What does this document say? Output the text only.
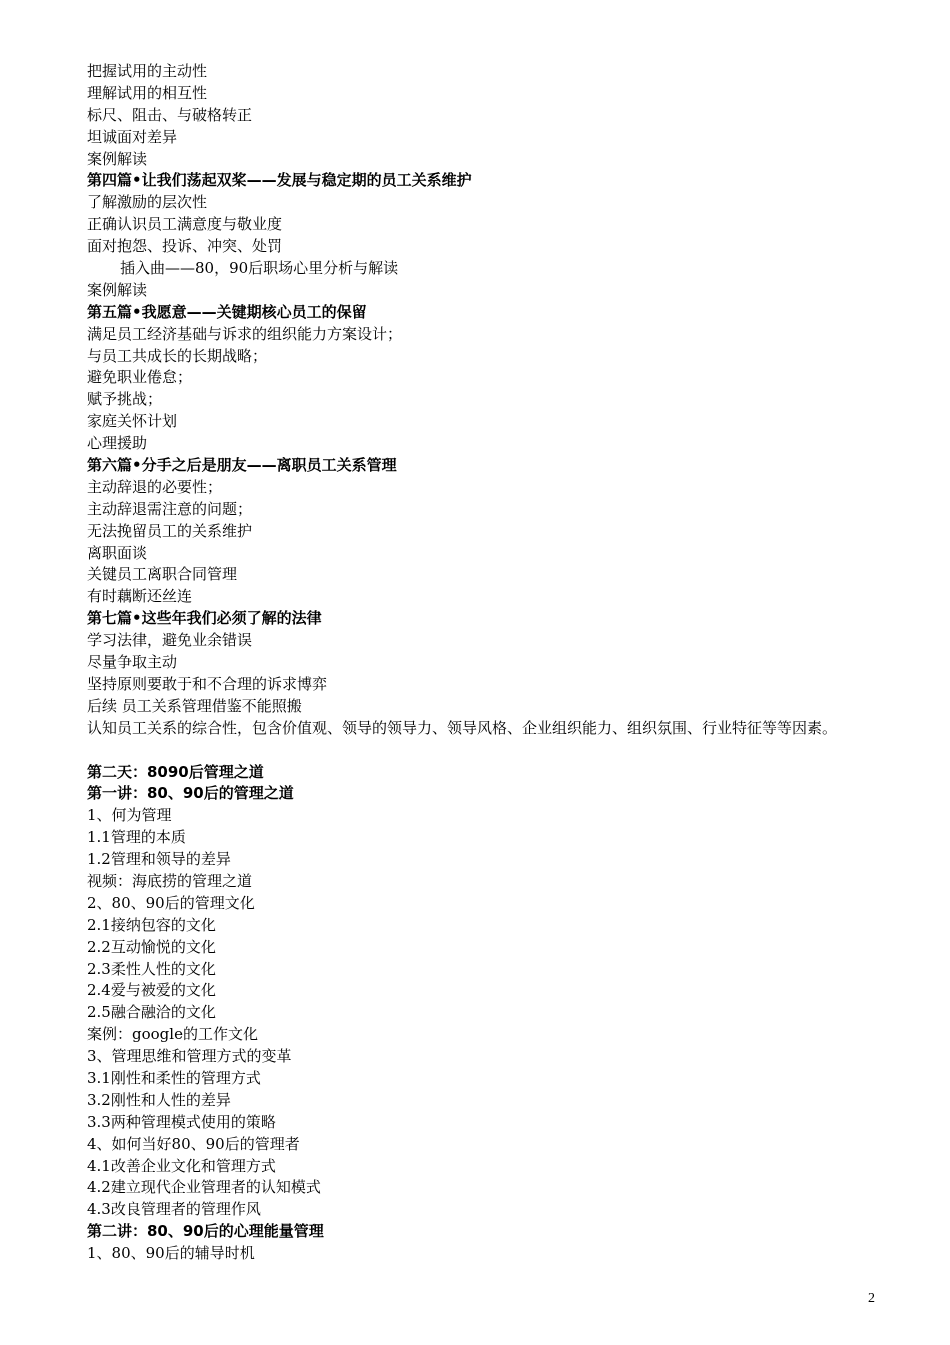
把握试用的主动性
理解试用的相互性
标尺、阻击、与破格转正
坦诚面对差异
案例解读
第四篇•让我们荡起双桨——发展与稳定期的员工关系维护
了解激励的层次性
正确认识员工满意度与敬业度
面对抱怨、投诉、冲突、处罚
插入曲——80，90后职场心里分析与解读
案例解读
第五篇•我愿意——关键期核心员工的保留
满足员工经济基础与诉求的组织能力方案设计；
与员工共成长的长期战略；
避免职业倦怠；
赋予挑战；
家庭关怀计划
心理援助
第六篇•分手之后是朋友——离职员工关系管理
主动辞退的必要性；
主动辞退需注意的问题；
无法挽留员工的关系维护
离职面谈
关键员工离职合同管理
有时藕断还丝连
第七篇•这些年我们必须了解的法律
学习法律，避免业余错误
尽量争取主动
坚持原则要敢于和不合理的诉求博弈
后续 员工关系管理借鉴不能照搬
认知员工关系的综合性，包含价值观、领导的领导力、领导风格、企业组织能力、组织氛围、行业特征等等因素。
第二天：8090后管理之道
第一讲：80、90后的管理之道
1、何为管理
1.1管理的本质
1.2管理和领导的差异
视频：海底捞的管理之道
2、80、90后的管理文化
2.1接纳包容的文化
2.2互动愉悦的文化
2.3柔性人性的文化
2.4爱与被爱的文化
2.5融合融洽的文化
案例：google的工作文化
3、管理思维和管理方式的变革
3.1刚性和柔性的管理方式
3.2刚性和人性的差异
3.3两种管理模式使用的策略
4、如何当好80、90后的管理者
4.1改善企业文化和管理方式
4.2建立现代企业管理者的认知模式
4.3改良管理者的管理作风
第二讲：80、90后的心理能量管理
1、80、90后的辅导时机
2
